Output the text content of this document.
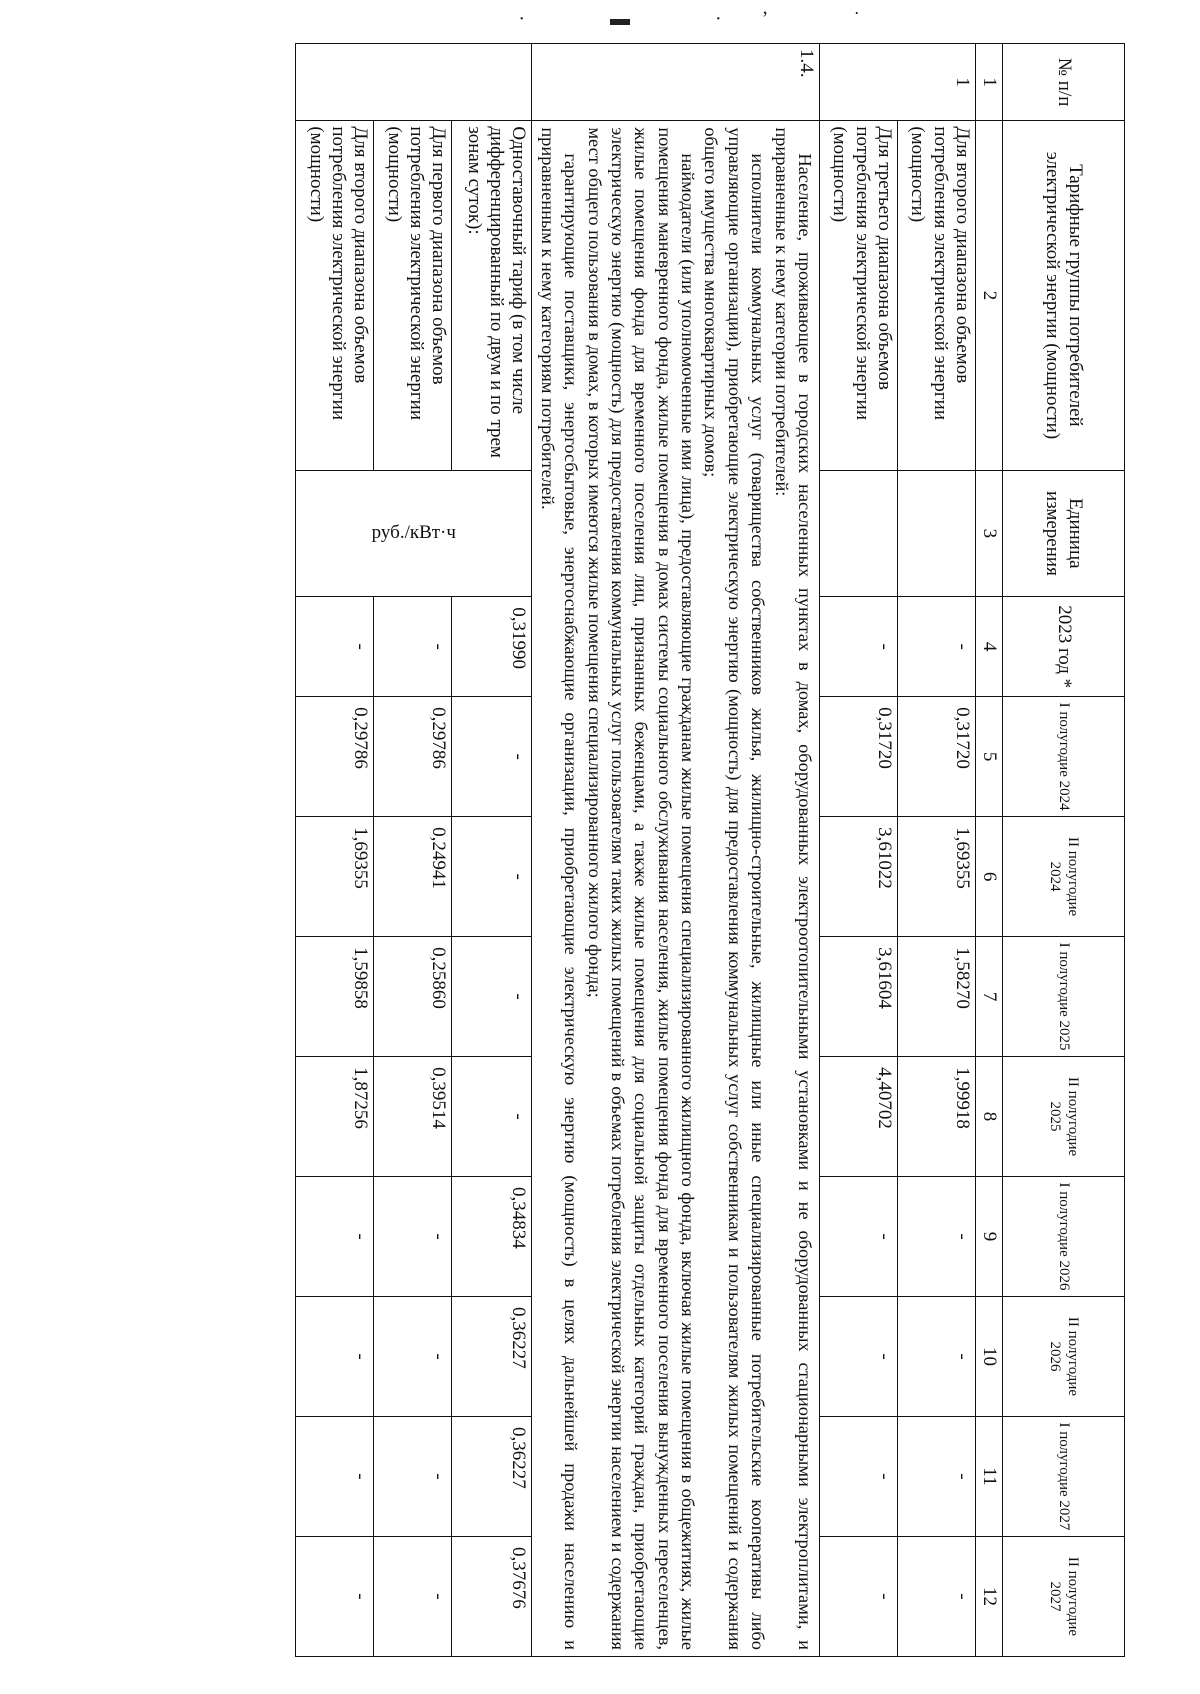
· ▬ ·ʼ ˙
№ п/п	Тарифные группы потребителей электрической энергии (мощности)	Единица измерения	2023 год *	I полугодие 2024	II полугодие 2024	I полугодие 2025	II полугодие 2025	I полугодие 2026	II полугодие 2026	I полугодие 2027	II полугодие 2027
1	2	3	4	5	6	7	8	9	10	11	12
1	Для второго диапазона объемов потребления электрической энергии (мощности)		-	0,31720	1,69355	1,58270	1,99918	-	-	-	-
	Для третьего диапазона объемов потребления электрической энергии (мощности)		-	0,31720	3,61022	3,61604	4,40702	-	-	-	-
1.4.	Население, проживающее в городских населенных пунктах в домах, оборудованных электроотопительными установками и не оборудованных стационарными электроплитами, и приравненные к нему категории потребителей:

исполнители коммунальных услуг (товарищества собственников жилья, жилищно-строительные, жилищные или иные специализированные потребительские кооперативы либо управляющие организации), приобретающие электрическую энергию (мощность) для предоставления коммунальных услуг собственникам и пользователям жилых помещений и содержания общего имущества многоквартирных домов;

наймодатели (или уполномоченные ими лица), предоставляющие гражданам жилые помещения специализированного жилищного фонда, включая жилые помещения в общежитиях, жилые помещения маневренного фонда, жилые помещения в домах системы социального обслуживания населения, жилые помещения фонда для временного поселения вынужденных переселенцев, жилые помещения фонда для временного поселения лиц, признанных беженцами, а также жилые помещения для социальной защиты отдельных категорий граждан, приобретающие электрическую энергию (мощность) для предоставления коммунальных услуг пользователям таких жилых помещений в объемах потребления электрической энергии населением и содержания мест общего пользования в домах, в которых имеются жилые помещения специализированного жилого фонда;

гарантирующие поставщики, энергосбытовые, энергоснабжающие организации, приобретающие электрическую энергию (мощность) в целях дальнейшей продажи населению и приравненным к нему категориям потребителей.										

	Одноставочный тариф (в том числе дифференцированный по двум и по трем зонам суток):	руб./кВт·ч	0,31990	-	-	-	-	0,34834	0,36227	0,36227	0,37676
	Для первого диапазона объемов потребления электрической энергии (мощности)		-	0,29786	0,24941	0,25860	0,39514	-	-	-	-
	Для второго диапазона объемов потребления электрической энергии (мощности)		-	0,29786	1,69355	1,59858	1,87256	-	-	-	-
